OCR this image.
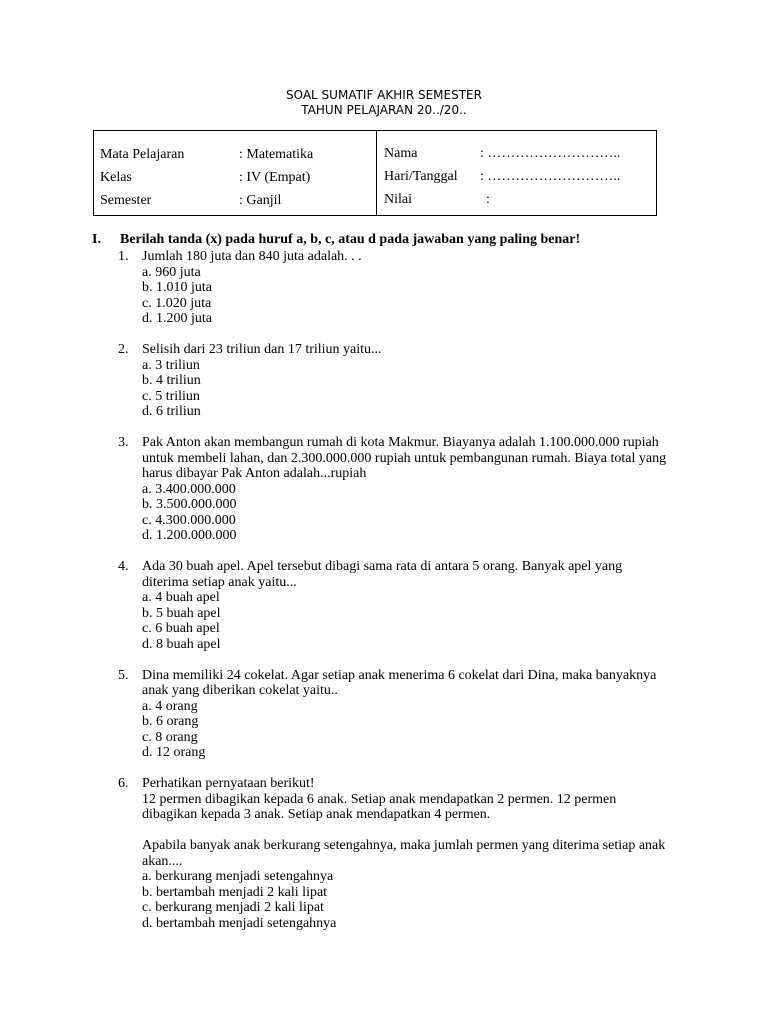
SOAL SUMATIF AKHIR SEMESTER
TAHUN PELAJARAN 20../20..
Mata Pelajaran	: Matematika
Kelas	: IV (Empat)
Semester	: Ganjil
Nama	: ………………………..
Hari/Tanggal : ………………………..
Nilai	:
I. Berilah tanda (x) pada huruf a, b, c, atau d pada jawaban yang paling benar!
1. Jumlah 180 juta dan 840 juta adalah. . .
a. 960 juta
b. 1.010 juta
c. 1.020 juta
d. 1.200 juta
2. Selisih dari 23 triliun dan 17 triliun yaitu...
a. 3 triliun
b. 4 triliun
c. 5 triliun
d. 6 triliun
3. Pak Anton akan membangun rumah di kota Makmur. Biayanya adalah 1.100.000.000 rupiah
untuk membeli lahan, dan 2.300.000.000 rupiah untuk pembangunan rumah. Biaya total yang
harus dibayar Pak Anton adalah...rupiah
a. 3.400.000.000
b. 3.500.000.000
c. 4.300.000.000
d. 1.200.000.000
4. Ada 30 buah apel. Apel tersebut dibagi sama rata di antara 5 orang. Banyak apel yang
diterima setiap anak yaitu...
a. 4 buah apel
b. 5 buah apel
c. 6 buah apel
d. 8 buah apel
5. Dina memiliki 24 cokelat. Agar setiap anak menerima 6 cokelat dari Dina, maka banyaknya
anak yang diberikan cokelat yaitu..
a. 4 orang
b. 6 orang
c. 8 orang
d. 12 orang
6. Perhatikan pernyataan berikut!
12 permen dibagikan kepada 6 anak. Setiap anak mendapatkan 2 permen. 12 permen
dibagikan kepada 3 anak. Setiap anak mendapatkan 4 permen.
Apabila banyak anak berkurang setengahnya, maka jumlah permen yang diterima setiap anak
akan....
a. berkurang menjadi setengahnya
b. bertambah menjadi 2 kali lipat
c. berkurang menjadi 2 kali lipat
d. bertambah menjadi setengahnya
